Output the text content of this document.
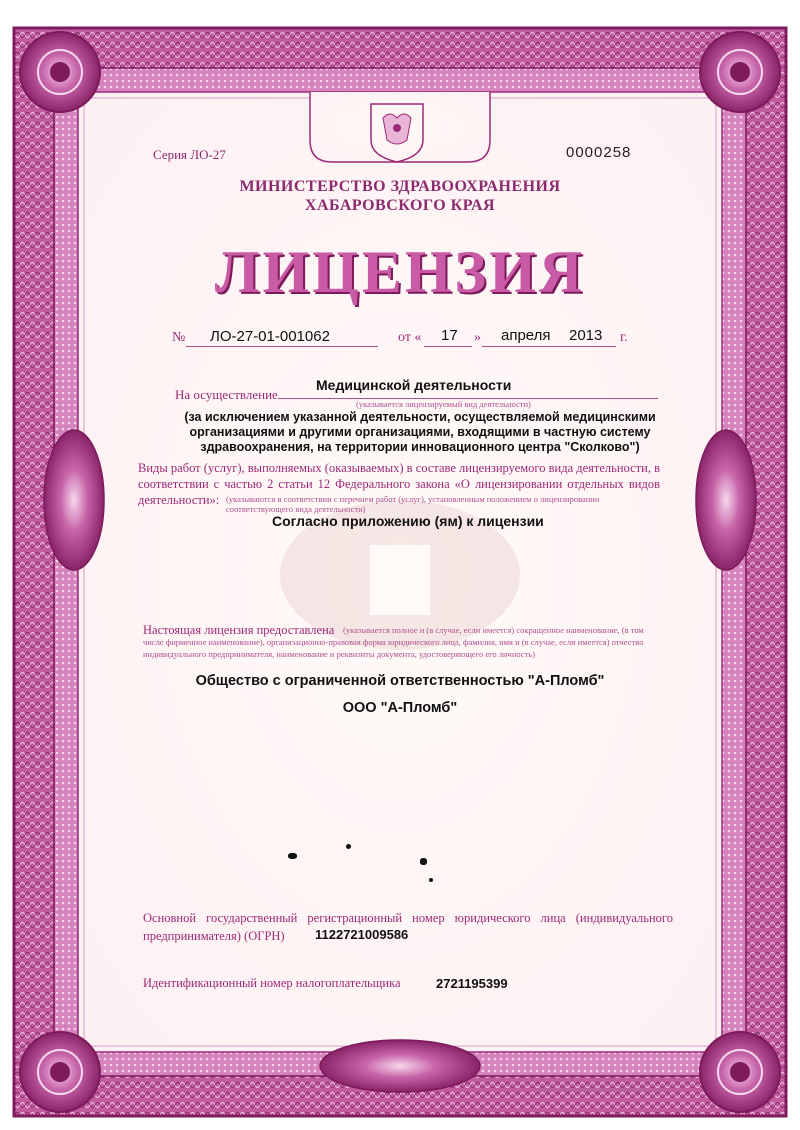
Серия ЛО-27	0000258
МИНИСТЕРСТВО ЗДРАВООХРАНЕНИЯ
ХАБАРОВСКОГО КРАЯ
ЛИЦЕНЗИЯ
№ ЛО-27-01-001062	от « 17 » апреля 2013 г.
На осуществление
Медицинской деятельности
(указывается лицензируемый вид деятельности)
(за исключением указанной деятельности, осуществляемой медицинскими организациями и другими организациями, входящими в частную систему здравоохранения, на территории инновационного центра "Сколково")
Виды работ (услуг), выполняемых (оказываемых) в составе лицензируемого вида деятельности, в соответствии с частью 2 статьи 12 Федерального закона «О лицензировании отдельных видов деятельности»: (указываются в соответствии с перечнем работ (услуг), установленным положением о лицензировании соответствующего вида деятельности)
Согласно приложению (ям) к лицензии
Настоящая лицензия предоставлена	(указывается полное и (в случае, если имеется) сокращенное наименование, (в том числе фирменное наименование), организационно-правовая форма юридического лица, фамилия, имя и (в случае, если имеется) отчество индивидуального предпринимателя, наименование и реквизиты документа, удостоверяющего его личность)
Общество с ограниченной ответственностью "А-Пломб"
ООО "А-Пломб"
Основной государственный регистрационный номер юридического лица (индивидуального предпринимателя) (ОГРН)	1122721009586
Идентификационный номер налогоплательщика	2721195399
ФГУП «ЦЕНТРИНФОРМ», г. КРАСНОЯРСК, 2012 г.
